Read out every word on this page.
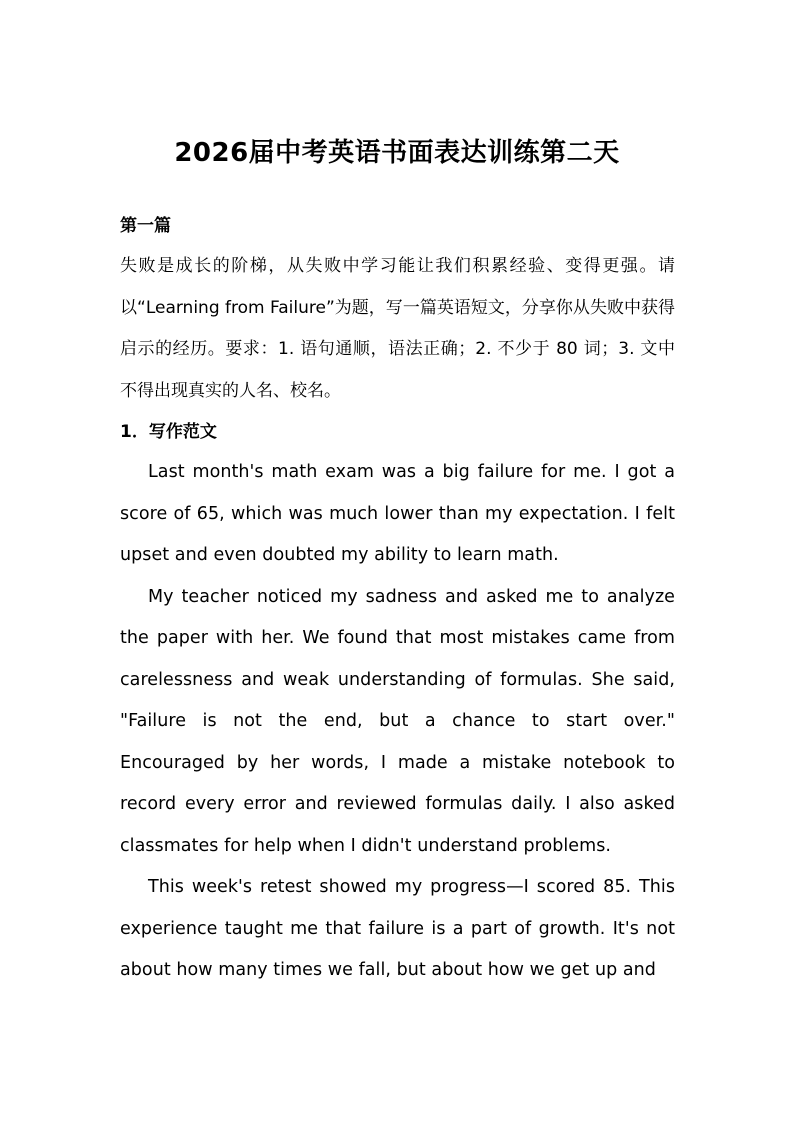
2026届中考英语书面表达训练第二天

第一篇

失败是成长的阶梯，从失败中学习能让我们积累经验、变得更强。请以“Learning from Failure”为题，写一篇英语短文，分享你从失败中获得启示的经历。要求：1. 语句通顺，语法正确；2. 不少于 80 词；3. 文中不得出现真实的人名、校名。

1．写作范文

Last month's math exam was a big failure for me. I got a score of 65, which was much lower than my expectation. I felt upset and even doubted my ability to learn math.

My teacher noticed my sadness and asked me to analyze the paper with her. We found that most mistakes came from carelessness and weak understanding of formulas. She said, "Failure is not the end, but a chance to start over." Encouraged by her words, I made a mistake notebook to record every error and reviewed formulas daily. I also asked classmates for help when I didn't understand problems.

This week's retest showed my progress—I scored 85. This experience taught me that failure is a part of growth. It's not about how many times we fall, but about how we get up and
